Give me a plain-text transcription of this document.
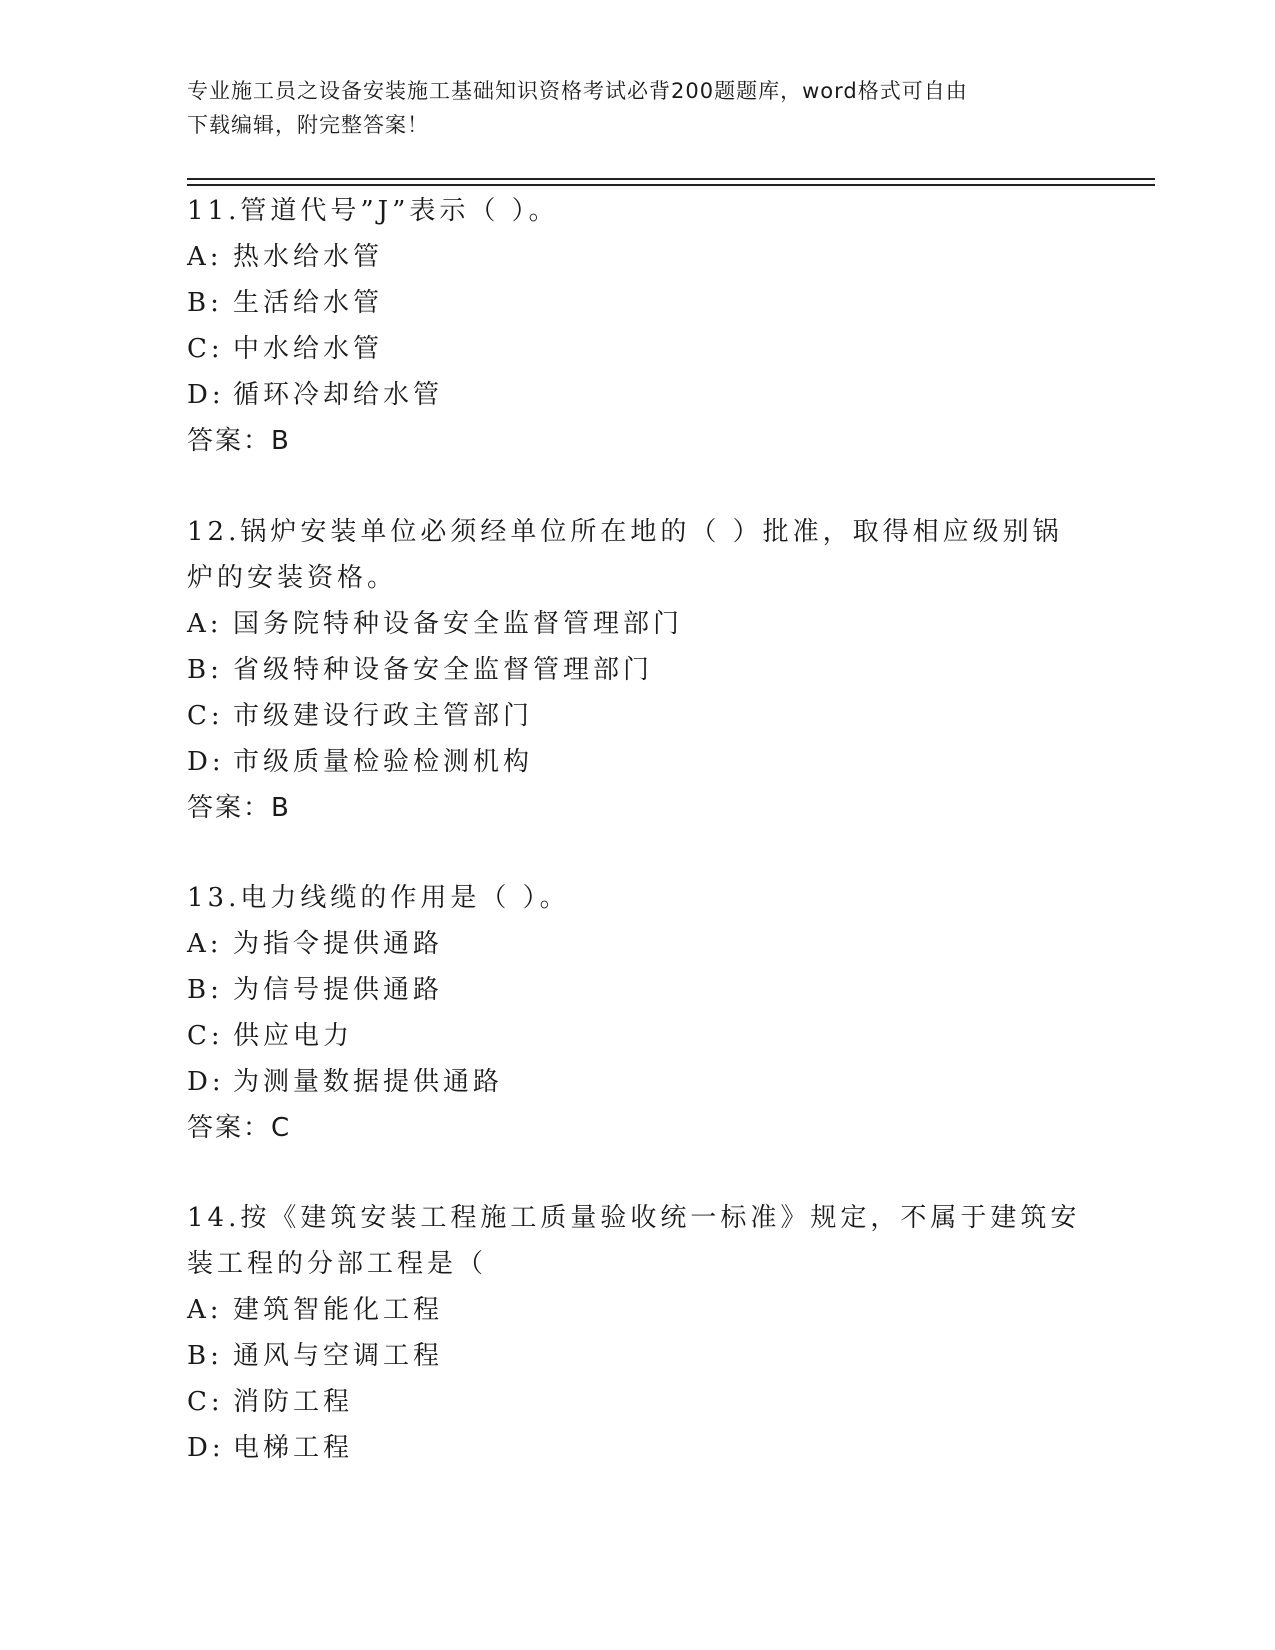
专业施工员之设备安装施工基础知识资格考试必背200题题库，word格式可自由
下载编辑，附完整答案！
11.管道代号”J”表示（ ）。
A: 热水给水管
B: 生活给水管
C: 中水给水管
D: 循环冷却给水管
答案：B
12.锅炉安装单位必须经单位所在地的（ ）批准，取得相应级别锅炉的安装资格。
A: 国务院特种设备安全监督管理部门
B: 省级特种设备安全监督管理部门
C: 市级建设行政主管部门
D: 市级质量检验检测机构
答案：B
13.电力线缆的作用是（ ）。
A: 为指令提供通路
B: 为信号提供通路
C: 供应电力
D: 为测量数据提供通路
答案：C
14.按《建筑安装工程施工质量验收统一标准》规定，不属于建筑安装工程的分部工程是（
A: 建筑智能化工程
B: 通风与空调工程
C: 消防工程
D: 电梯工程
